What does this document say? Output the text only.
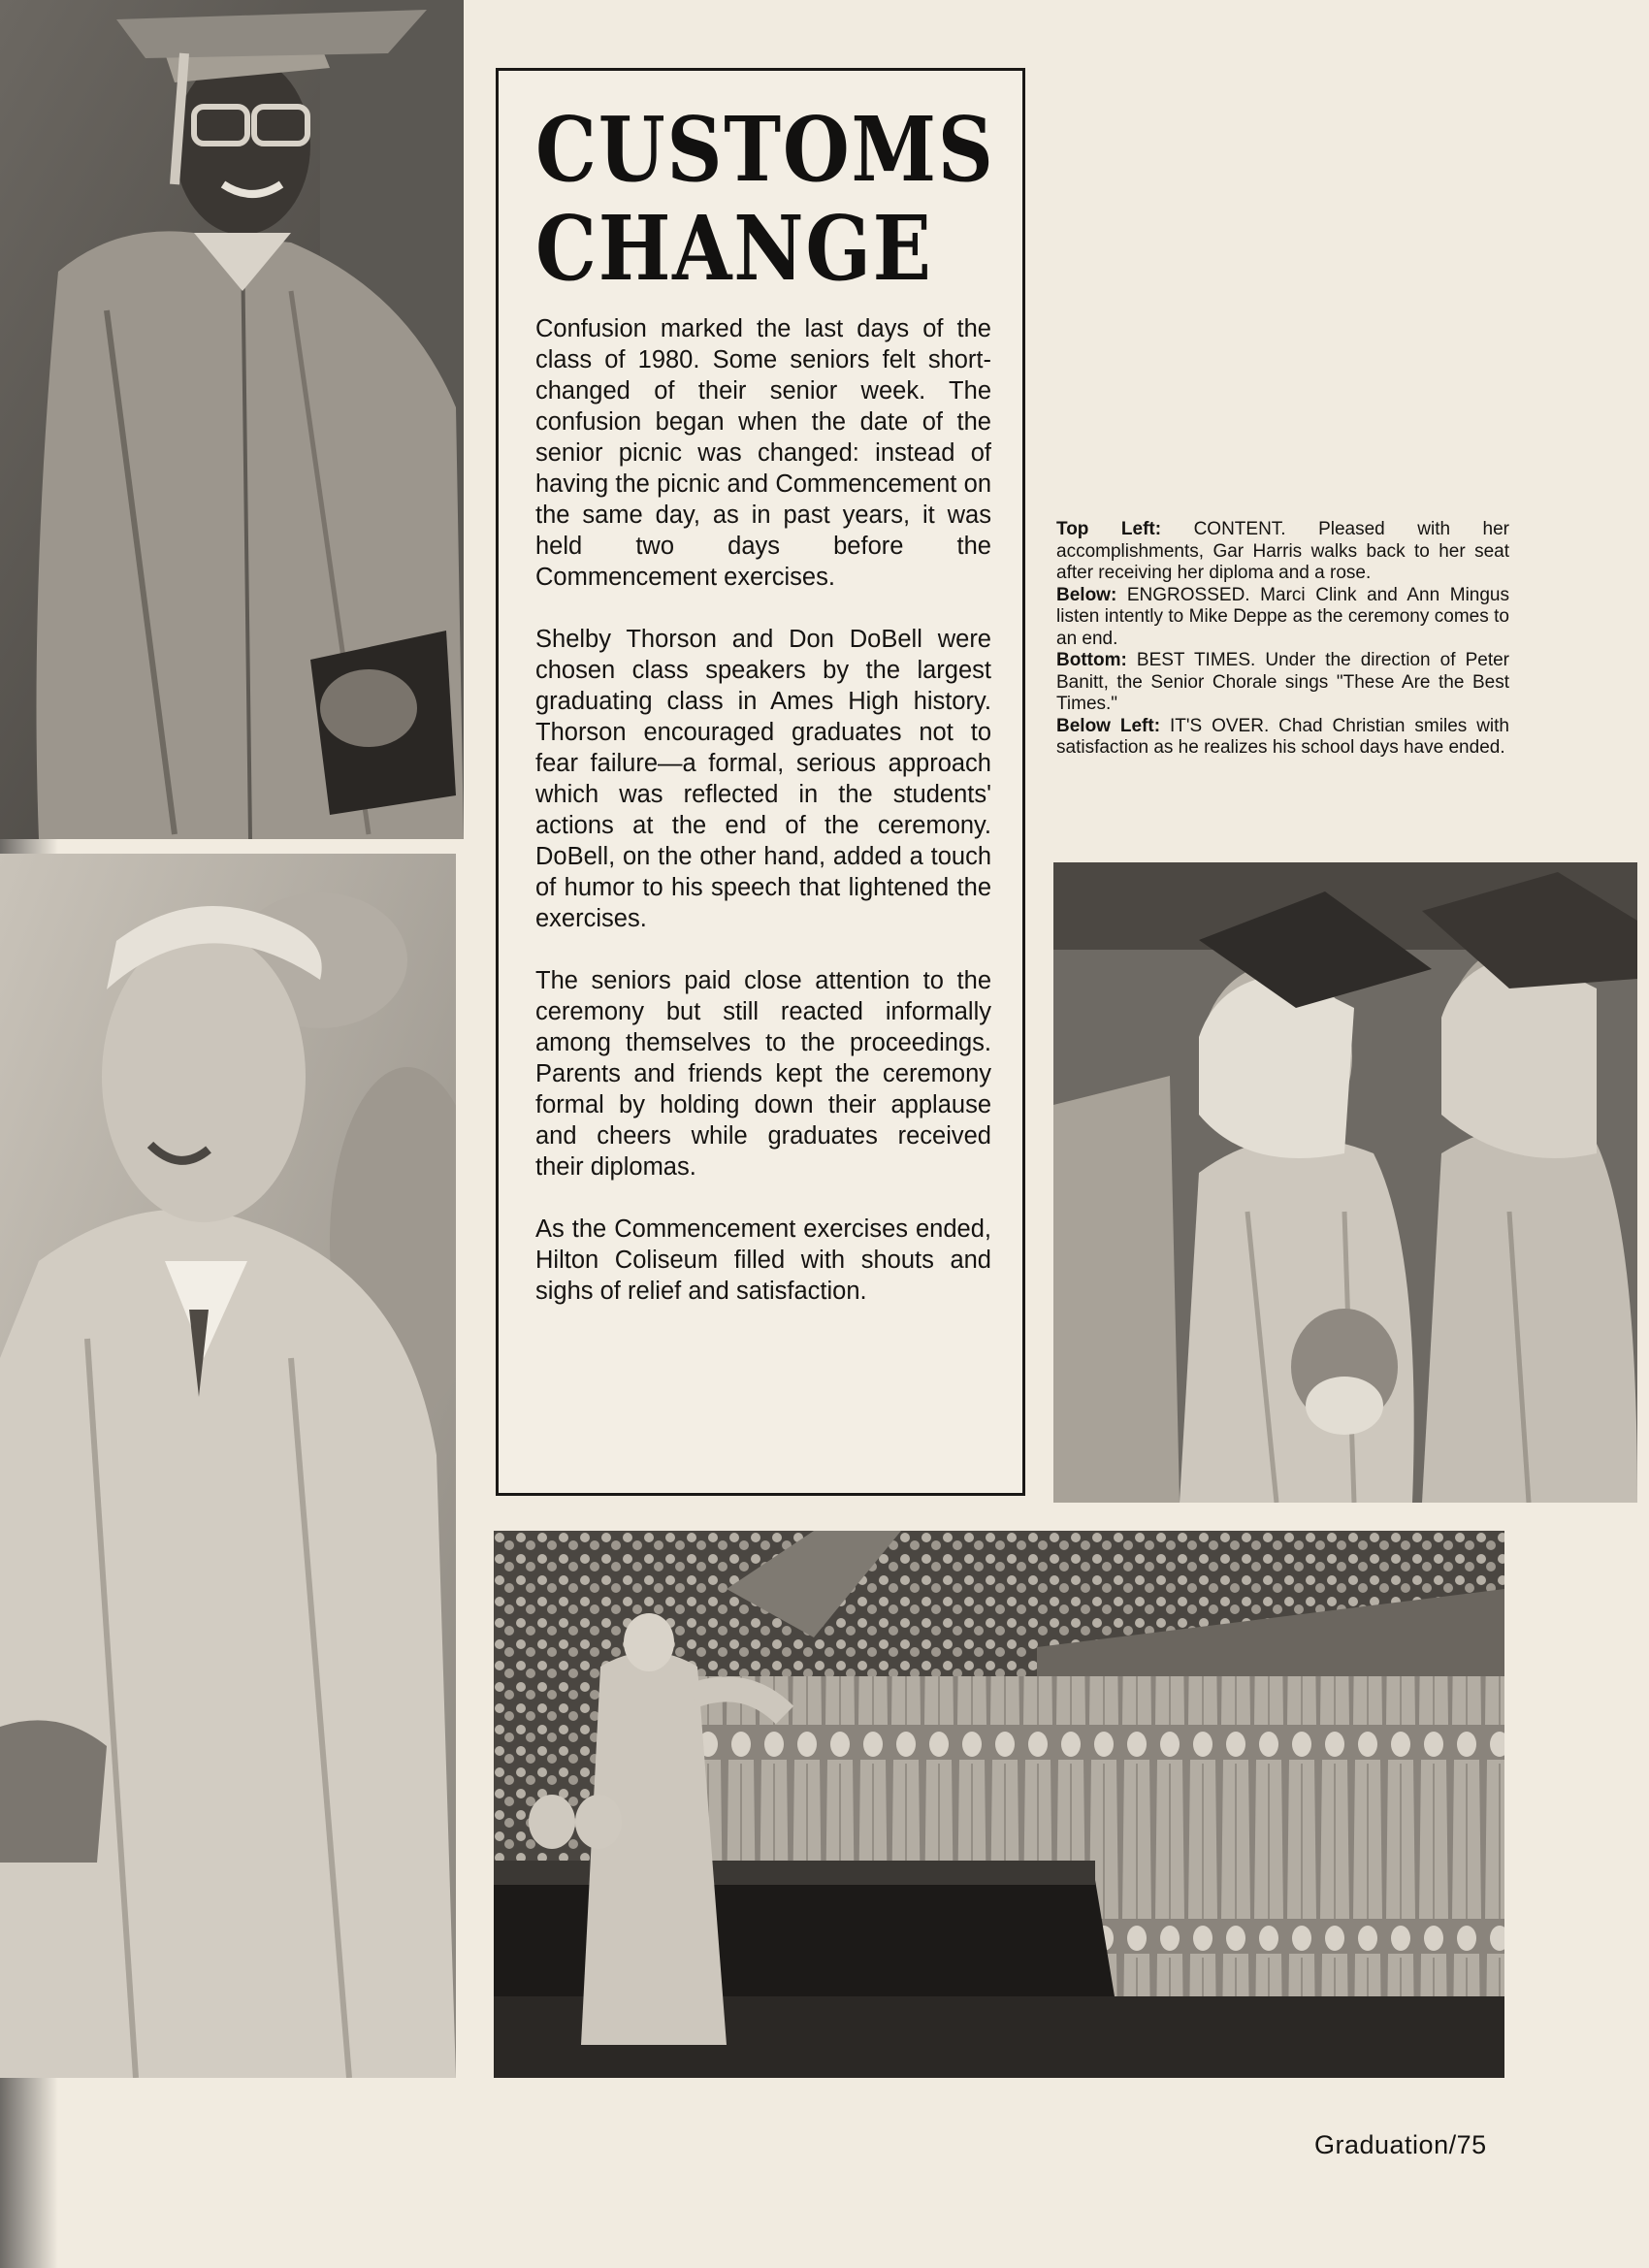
CUSTOMS
CHANGE

Confusion marked the last days of the class of 1980. Some seniors felt short-changed of their senior week. The confusion began when the date of the senior picnic was changed: instead of having the picnic and Commencement on the same day, as in past years, it was held two days before the Commencement exercises.

Shelby Thorson and Don DoBell were chosen class speakers by the largest graduating class in Ames High history. Thorson encouraged graduates not to fear failure—a formal, serious approach which was reflected in the students' actions at the end of the ceremony. DoBell, on the other hand, added a touch of humor to his speech that lightened the exercises.

The seniors paid close attention to the ceremony but still reacted informally among themselves to the proceedings. Parents and friends kept the ceremony formal by holding down their applause and cheers while graduates received their diplomas.

As the Commencement exercises ended, Hilton Coliseum filled with shouts and sighs of relief and satisfaction.

Top Left: CONTENT. Pleased with her accomplishments, Gar Harris walks back to her seat after receiving her diploma and a rose.

Below: ENGROSSED. Marci Clink and Ann Mingus listen intently to Mike Deppe as the ceremony comes to an end.

Bottom: BEST TIMES. Under the direction of Peter Banitt, the Senior Chorale sings "These Are the Best Times."

Below Left: IT'S OVER. Chad Christian smiles with satisfaction as he realizes his school days have ended.

Graduation/75
